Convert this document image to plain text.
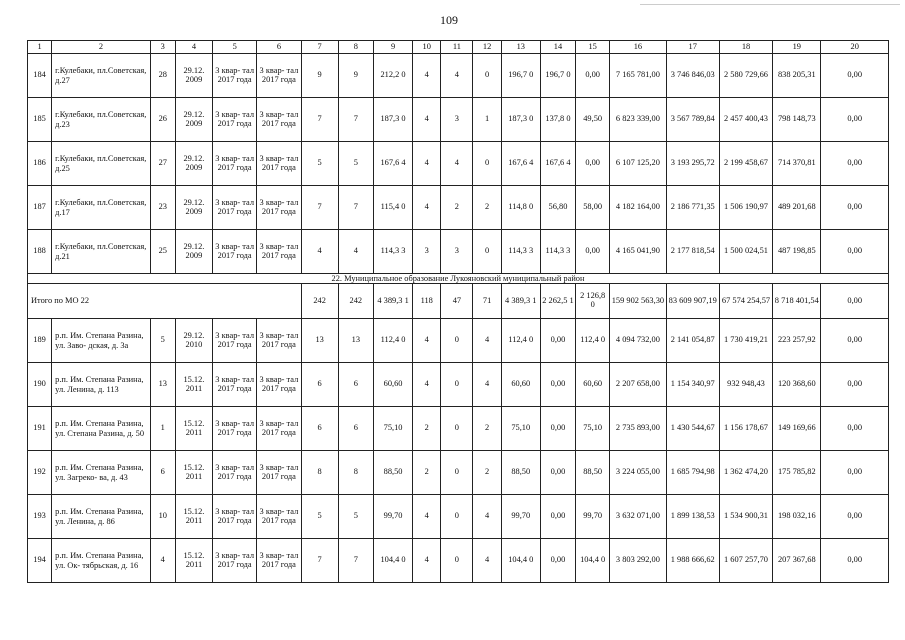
109
1	2	3	4	5	6	7	8	9	10	11	12	13	14	15	16	17	18	19	20
184	г.Кулебаки, пл.Советская, д.27	28	29.12. 2009	3 квар- тал 2017 года	3 квар- тал 2017 года	9	9	212,2 0	4	4	0	196,7 0	196,7 0	0,00	7 165 781,00	3 746 846,03	2 580 729,66	838 205,31	0,00
185	г.Кулебаки, пл.Советская, д.23	26	29.12. 2009	3 квар- тал 2017 года	3 квар- тал 2017 года	7	7	187,3 0	4	3	1	187,3 0	137,8 0	49,50	6 823 339,00	3 567 789,84	2 457 400,43	798 148,73	0,00
186	г.Кулебаки, пл.Советская, д.25	27	29.12. 2009	3 квар- тал 2017 года	3 квар- тал 2017 года	5	5	167,6 4	4	4	0	167,6 4	167,6 4	0,00	6 107 125,20	3 193 295,72	2 199 458,67	714 370,81	0,00
187	г.Кулебаки, пл.Советская, д.17	23	29.12. 2009	3 квар- тал 2017 года	3 квар- тал 2017 года	7	7	115,4 0	4	2	2	114,8 0	56,80	58,00	4 182 164,00	2 186 771,35	1 506 190,97	489 201,68	0,00
188	г.Кулебаки, пл.Советская, д.21	25	29.12. 2009	3 квар- тал 2017 года	3 квар- тал 2017 года	4	4	114,3 3	3	3	0	114,3 3	114,3 3	0,00	4 165 041,90	2 177 818,54	1 500 024,51	487 198,85	0,00
22. Муниципальное образование Лукояновский муниципальный район																			
Итого по МО 22						242	242	4 389,3 1	118	47	71	4 389,3 1	2 262,5 1	2 126,8 0	159 902 563,30	83 609 907,19	67 574 254,57	8 718 401,54	0,00
189	р.п. Им. Степана Разина, ул. Заво- дская, д. 3а	5	29.12. 2010	3 квар- тал 2017 года	3 квар- тал 2017 года	13	13	112,4 0	4	0	4	112,4 0	0,00	112,4 0	4 094 732,00	2 141 054,87	1 730 419,21	223 257,92	0,00
190	р.п. Им. Степана Разина, ул. Ленина, д. 113	13	15.12. 2011	3 квар- тал 2017 года	3 квар- тал 2017 года	6	6	60,60	4	0	4	60,60	0,00	60,60	2 207 658,00	1 154 340,97	932 948,43	120 368,60	0,00
191	р.п. Им. Степана Разина, ул. Степана Разина, д. 50	1	15.12. 2011	3 квар- тал 2017 года	3 квар- тал 2017 года	6	6	75,10	2	0	2	75,10	0,00	75,10	2 735 893,00	1 430 544,67	1 156 178,67	149 169,66	0,00
192	р.п. Им. Степана Разина, ул. Загреко- ва, д. 43	6	15.12. 2011	3 квар- тал 2017 года	3 квар- тал 2017 года	8	8	88,50	2	0	2	88,50	0,00	88,50	3 224 055,00	1 685 794,98	1 362 474,20	175 785,82	0,00
193	р.п. Им. Степана Разина, ул. Ленина, д. 86	10	15.12. 2011	3 квар- тал 2017 года	3 квар- тал 2017 года	5	5	99,70	4	0	4	99,70	0,00	99,70	3 632 071,00	1 899 138,53	1 534 900,31	198 032,16	0,00
194	р.п. Им. Степана Разина, ул. Ок- тябрьская, д. 16	4	15.12. 2011	3 квар- тал 2017 года	3 квар- тал 2017 года	7	7	104,4 0	4	0	4	104,4 0	0,00	104,4 0	3 803 292,00	1 988 666,62	1 607 257,70	207 367,68	0,00
